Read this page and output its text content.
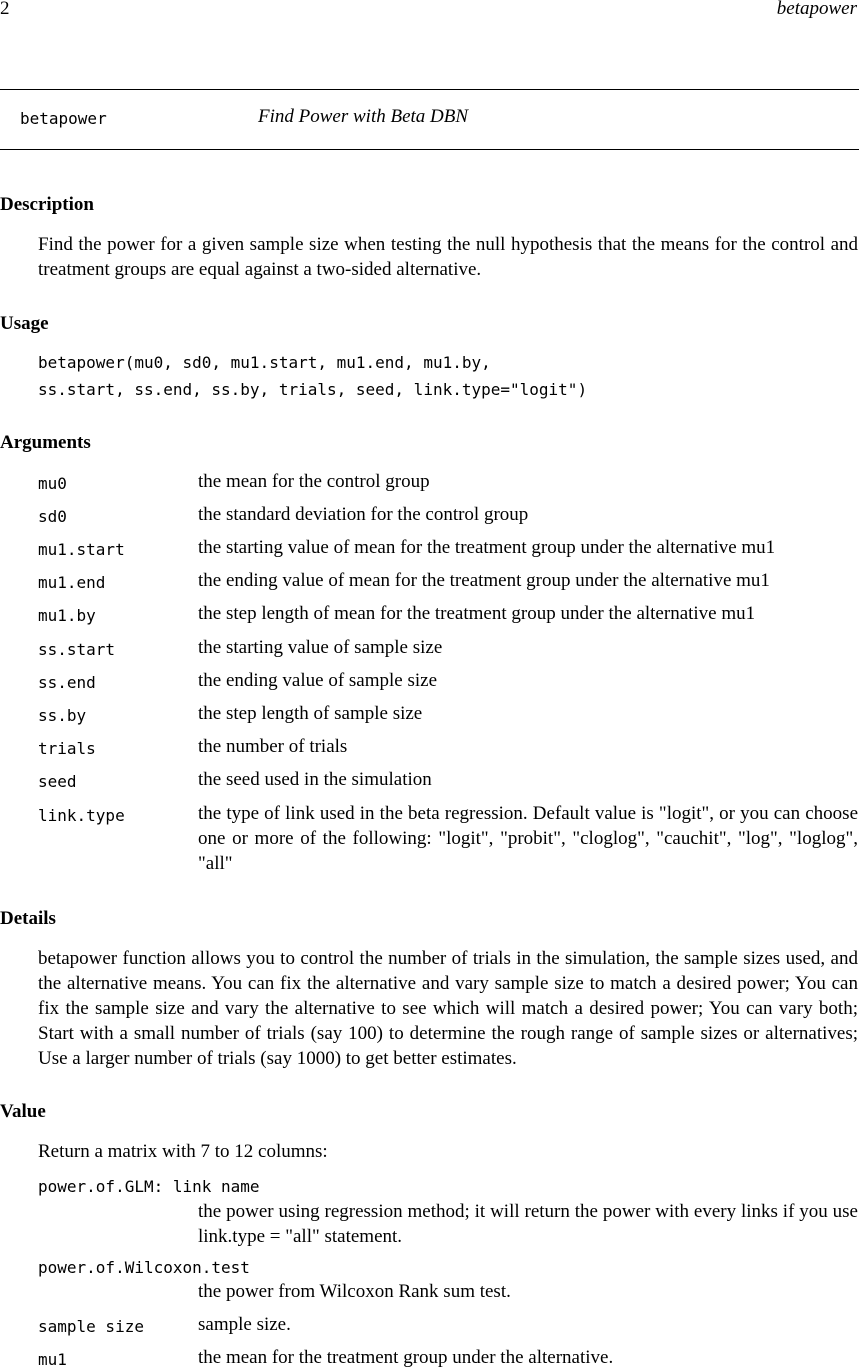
2	betapower
betapower	Find Power with Beta DBN
Description
Find the power for a given sample size when testing the null hypothesis that the means for the control and treatment groups are equal against a two-sided alternative.
Usage
betapower(mu0, sd0, mu1.start, mu1.end, mu1.by,
ss.start, ss.end, ss.by, trials, seed, link.type="logit")
Arguments
mu0	the mean for the control group
sd0	the standard deviation for the control group
mu1.start	the starting value of mean for the treatment group under the alternative mu1
mu1.end	the ending value of mean for the treatment group under the alternative mu1
mu1.by	the step length of mean for the treatment group under the alternative mu1
ss.start	the starting value of sample size
ss.end	the ending value of sample size
ss.by	the step length of sample size
trials	the number of trials
seed	the seed used in the simulation
link.type	the type of link used in the beta regression. Default value is "logit", or you can choose one or more of the following: "logit", "probit", "cloglog", "cauchit", "log", "loglog", "all"
Details
betapower function allows you to control the number of trials in the simulation, the sample sizes used, and the alternative means. You can fix the alternative and vary sample size to match a desired power; You can fix the sample size and vary the alternative to see which will match a desired power; You can vary both; Start with a small number of trials (say 100) to determine the rough range of sample sizes or alternatives; Use a larger number of trials (say 1000) to get better estimates.
Value
Return a matrix with 7 to 12 columns:
power.of.GLM: link name
the power using regression method; it will return the power with every links if you use link.type = "all" statement.
power.of.Wilcoxon.test
the power from Wilcoxon Rank sum test.
sample size	sample size.
mu1	the mean for the treatment group under the alternative.
